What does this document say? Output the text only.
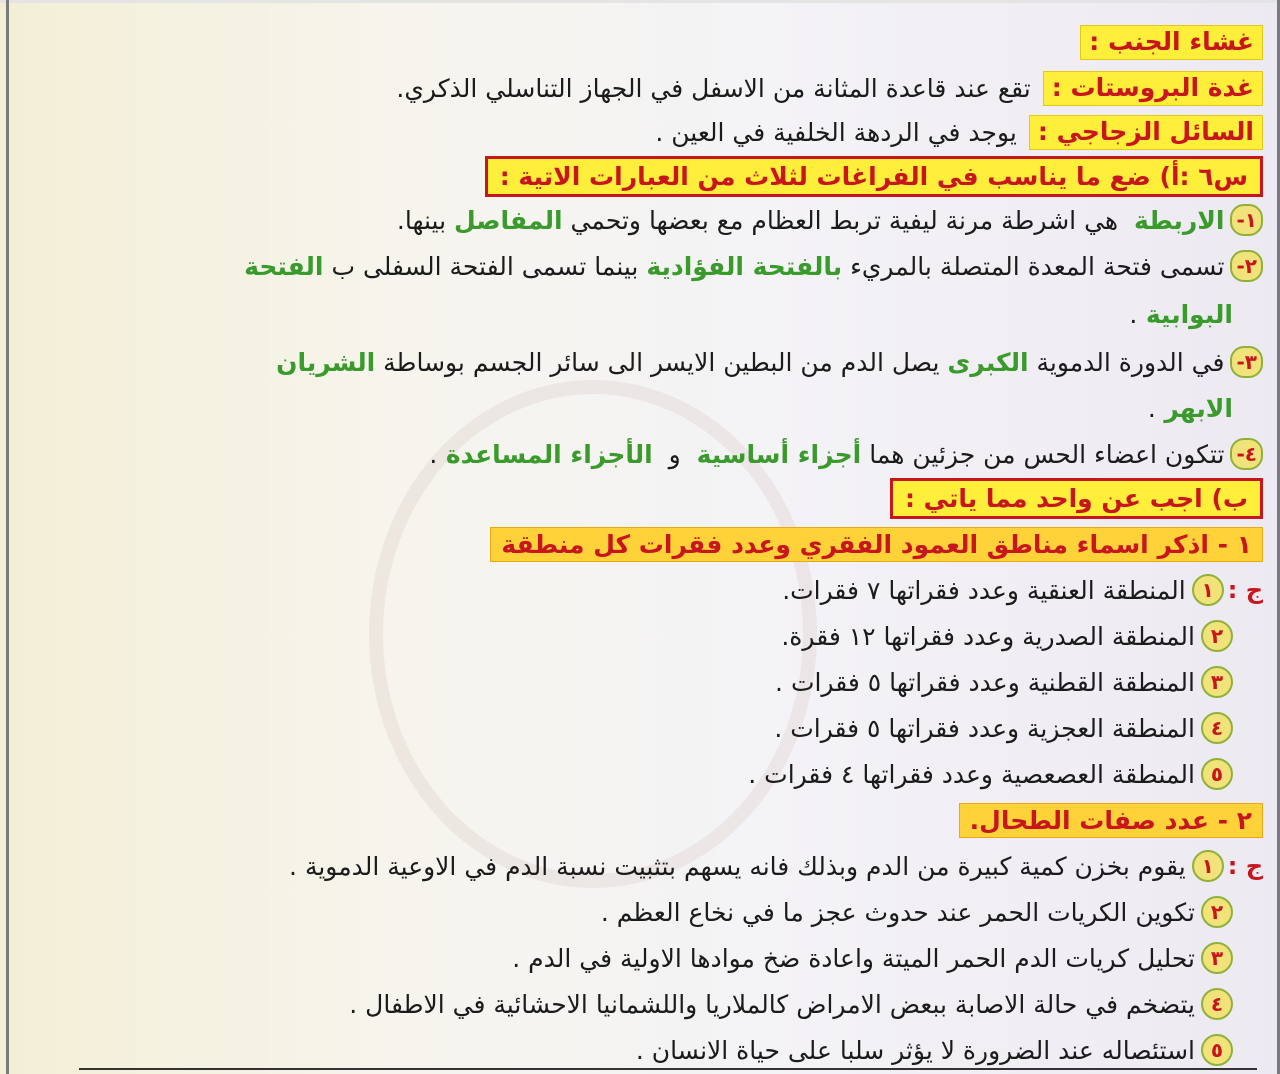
غشاء الجنب :
غدة البروستات :
تقع عند قاعدة المثانة من الاسفل في الجهاز التناسلي الذكري.
السائل الزجاجي :
يوجد في الردهة الخلفية في العين .
س٦ :أ) ضع ما يناسب في الفراغات لثلاث من العبارات الاتية :
١-
الاربطة
هي اشرطة مرنة ليفية تربط العظام مع بعضها وتحمي
المفاصل
بينها.
٢-
تسمى فتحة المعدة المتصلة بالمريء
بالفتحة الفؤادية
بينما تسمى الفتحة السفلى ب
الفتحة
البوابية
.
٣-
في الدورة الدموية
الكبرى
يصل الدم من البطين الايسر الى سائر الجسم بوساطة
الشريان
الابهر
.
٤-
تتكون اعضاء الحس من جزئين هما
أجزاء أساسية
و
الأجزاء المساعدة
.
ب) اجب عن واحد مما ياتي :
١ - اذكر اسماء مناطق العمود الفقري وعدد فقرات كل منطقة
ج :
١
المنطقة العنقية وعدد فقراتها ٧ فقرات.
٢
المنطقة الصدرية وعدد فقراتها ١٢ فقرة.
٣
المنطقة القطنية وعدد فقراتها ٥ فقرات .
٤
المنطقة العجزية وعدد فقراتها ٥ فقرات .
٥
المنطقة العصعصية وعدد فقراتها ٤ فقرات .
٢ - عدد صفات الطحال.
ج :
١
يقوم بخزن كمية كبيرة من الدم وبذلك فانه يسهم بتثبيت نسبة الدم في الاوعية الدموية .
٢
تكوين الكريات الحمر عند حدوث عجز ما في نخاع العظم .
٣
تحليل كريات الدم الحمر الميتة واعادة ضخ موادها الاولية في الدم .
٤
يتضخم في حالة الاصابة ببعض الامراض كالملاريا واللشمانيا الاحشائية في الاطفال .
٥
استئصاله عند الضرورة لا يؤثر سلبا على حياة الانسان .
